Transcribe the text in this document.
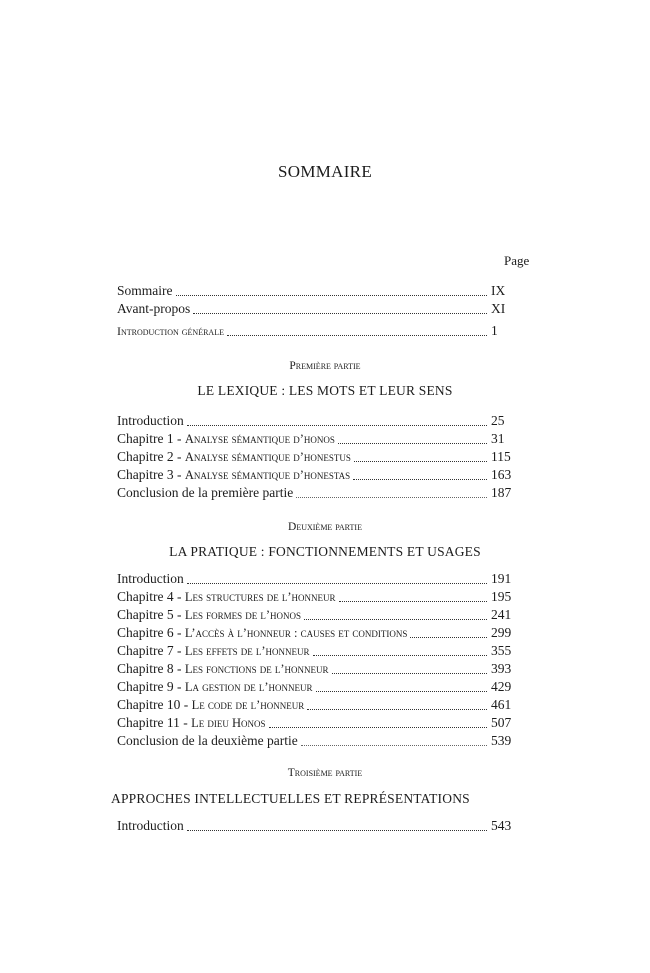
SOMMAIRE
Page
Sommaire	IX
Avant-propos	XI
Introduction générale	1
Première partie
LE LEXIQUE : LES MOTS ET LEUR SENS
Introduction	25
Chapitre 1 - Analyse sémantique d’honos	31
Chapitre 2 - Analyse sémantique d’honestus	115
Chapitre 3 - Analyse sémantique d’honestas	163
Conclusion de la première partie	187
Deuxième partie
LA PRATIQUE : FONCTIONNEMENTS ET USAGES
Introduction	191
Chapitre 4 - Les structures de l’honneur	195
Chapitre 5 - Les formes de l’honos	241
Chapitre 6 - L’accès à l’honneur : causes et conditions	299
Chapitre 7 - Les effets de l’honneur	355
Chapitre 8 - Les fonctions de l’honneur	393
Chapitre 9 - La gestion de l’honneur	429
Chapitre 10 - Le code de l’honneur	461
Chapitre 11 - Le dieu Honos	507
Conclusion de la deuxième partie	539
Troisième partie
APPROCHES INTELLECTUELLES ET REPRÉSENTATIONS
Introduction	543
